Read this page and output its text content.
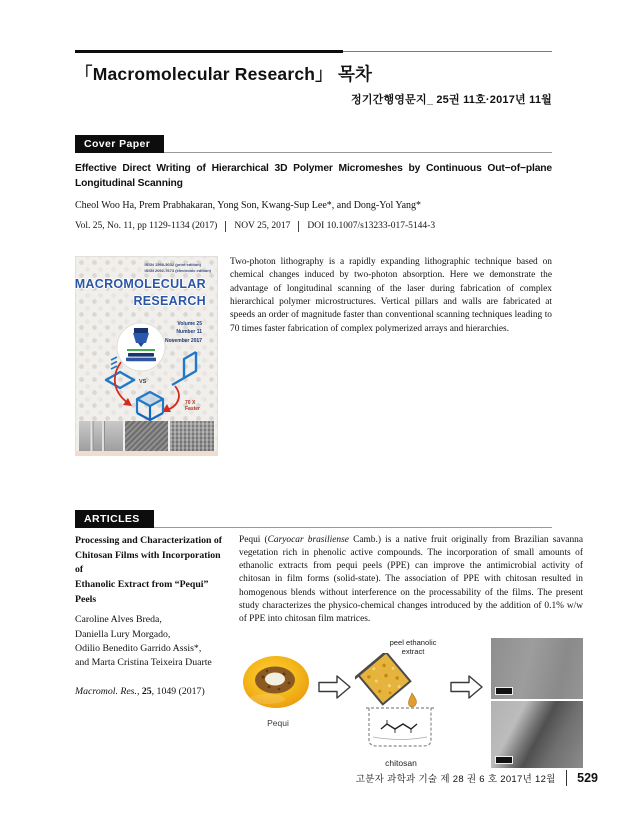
「Macromolecular Research」 목차
정기간행영문지_ 25권 11호·2017년 11월
Cover Paper
Effective Direct Writing of Hierarchical 3D Polymer Micromeshes by Continuous Out−of−plane Longitudinal Scanning
Cheol Woo Ha, Prem Prabhakaran, Yong Son, Kwang-Sup Lee*, and Dong-Yol Yang*
Vol. 25, No. 11, pp 1129-1134 (2017) NOV 25, 2017 DOI 10.1007/s13233-017-5144-3
ISSN 1598-5032 (print edition)
ISSN 2092-7673 (electronic edition)
MACROMOLECULAR
RESEARCH
Volume 25
Number 11
November 2017
VS
70 X
Faster
Two-photon lithography is a rapidly expanding lithographic technique based on chemical changes induced by two-photon absorption. Here we demonstrate the advantage of longitudinal scanning of the laser during fabrication of complex hierarchical polymer microstructures. Vertical pillars and walls are fabricated at speeds an order of magnitude faster than conventional scanning techniques leading to 70 times faster fabrication of complex polymerized arrays and hierarchies.
ARTICLES
Processing and Characterization of
Chitosan Films with Incorporation of
Ethanolic Extract from “Pequi” Peels
Caroline Alves Breda,
Daniella Lury Morgado,
Odilio Benedito Garrido Assis*,
and Marta Cristina Teixeira Duarte
Macromol. Res., 25, 1049 (2017)
Pequi (Caryocar brasiliense Camb.) is a native fruit originally from Brazilian savanna vegetation rich in phenolic active compounds. The incorporation of small amounts of ethanolic extracts from pequi peels (PPE) can improve the antimicrobial activity of chitosan in film forms (solid-state). The association of PPE with chitosan resulted in homogenous blends without interference on the processability of the films. The present study characterizes the physico-chemical changes introduced by the addition of 0.1% w/w of PPE into chitosan film matrices.
Pequi
peel ethanolic
extract
chitosan
고분자 과학과 기술 제 28 권 6 호 2017년 12월 529
